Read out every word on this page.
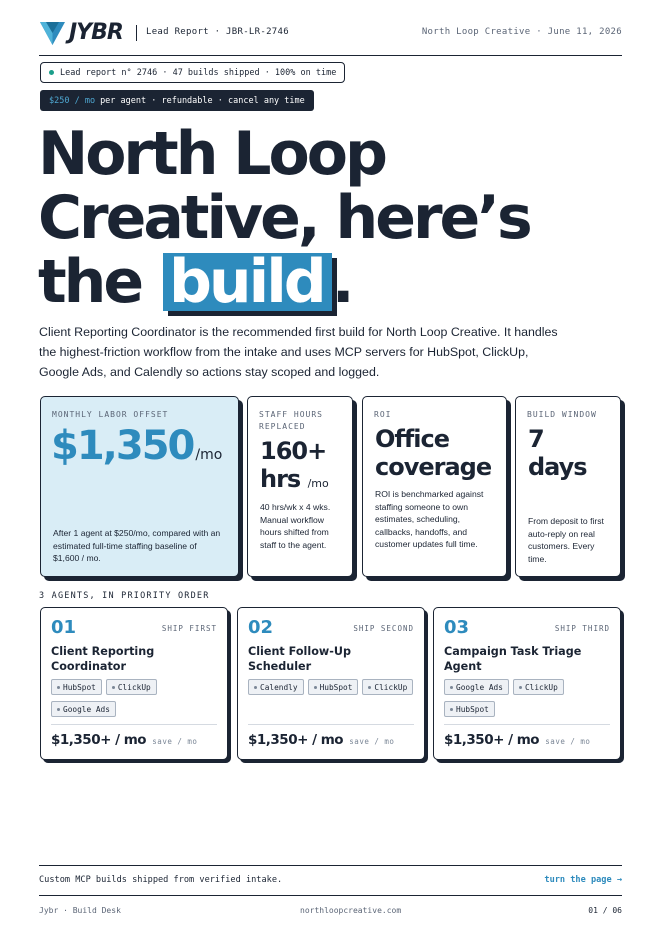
JYBR	Lead Report · JBR-LR-2746	North Loop Creative · June 11, 2026
Lead report n° 2746 · 47 builds shipped · 100% on time
$250 / mo per agent · refundable · cancel any time
North Loop
Creative, here’s
the build .

Client Reporting Coordinator is the recommended first build for North Loop Creative. It handles the highest-friction workflow from the intake and uses MCP servers for HubSpot, ClickUp, Google Ads, and Calendly so actions stay scoped and logged.

MONTHLY LABOR OFFSET
$1,350 /mo
After 1 agent at $250/mo, compared with an estimated full-time staffing baseline of $1,600 / mo.
STAFF HOURS REPLACED
160+
hrs /mo
40 hrs/wk x 4 wks. Manual workflow hours shifted from staff to the agent.
ROI
Office
coverage
ROI is benchmarked against staffing someone to own estimates, scheduling, callbacks, handoffs, and customer updates full time.
BUILD WINDOW
7
days
From deposit to first auto-reply on real customers. Every time.
3 AGENTS, IN PRIORITY ORDER
01	SHIP FIRST
Client Reporting Coordinator
HubSpot	ClickUp
Google Ads
$1,350+ / mo save / mo
02	SHIP SECOND
Client Follow-Up Scheduler
Calendly	HubSpot	ClickUp
$1,350+ / mo save / mo
03	SHIP THIRD
Campaign Task Triage Agent
Google Ads	ClickUp
HubSpot
$1,350+ / mo save / mo
Custom MCP builds shipped from verified intake.	turn the page →
Jybr · Build Desk	northloopcreative.com	01 / 06
